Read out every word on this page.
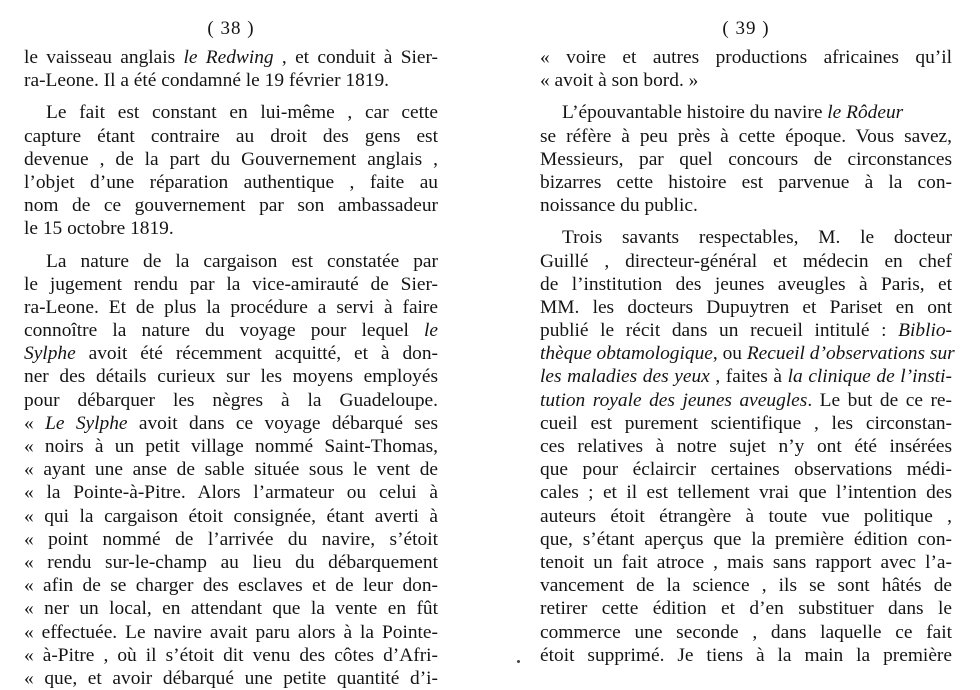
( 38 )
le vaisseau anglais le Redwing , et conduit à Sier-
ra-Leone. Il a été condamné le 19 février 1819.
Le fait est constant en lui-même , car cette
capture étant contraire au droit des gens est
devenue , de la part du Gouvernement anglais ,
l’objet d’une réparation authentique , faite au
nom de ce gouvernement par son ambassadeur
le 15 octobre 1819.
La nature de la cargaison est constatée par
le jugement rendu par la vice-amirauté de Sier-
ra-Leone. Et de plus la procédure a servi à faire
connoître la nature du voyage pour lequel le
Sylphe avoit été récemment acquitté, et à don-
ner des détails curieux sur les moyens employés
pour débarquer les nègres à la Guadeloupe.
« Le Sylphe avoit dans ce voyage débarqué ses
« noirs à un petit village nommé Saint-Thomas,
« ayant une anse de sable située sous le vent de
« la Pointe-à-Pitre. Alors l’armateur ou celui à
« qui la cargaison étoit consignée, étant averti à
« point nommé de l’arrivée du navire, s’étoit
« rendu sur-le-champ au lieu du débarquement
« afin de se charger des esclaves et de leur don-
« ner un local, en attendant que la vente en fût
« effectuée. Le navire avait paru alors à la Pointe-
« à-Pitre , où il s’étoit dit venu des côtes d’Afri-
« que, et avoir débarqué une petite quantité d’i-
( 39 )
« voire et autres productions africaines qu’il
« avoit à son bord. »
L’épouvantable histoire du navire le Rôdeur
se réfère à peu près à cette époque. Vous savez,
Messieurs, par quel concours de circonstances
bizarres cette histoire est parvenue à la con-
noissance du public.
Trois savants respectables, M. le docteur
Guillé , directeur-général et médecin en chef
de l’institution des jeunes aveugles à Paris, et
MM. les docteurs Dupuytren et Pariset en ont
publié le récit dans un recueil intitulé : Biblio-
thèque obtamologique, ou Recueil d’observations sur
les maladies des yeux , faites à la clinique de l’insti-
tution royale des jeunes aveugles. Le but de ce re-
cueil est purement scientifique , les circonstan-
ces relatives à notre sujet n’y ont été insérées
que pour éclaircir certaines observations médi-
cales ; et il est tellement vrai que l’intention des
auteurs étoit étrangère à toute vue politique ,
que, s’étant aperçus que la première édition con-
tenoit un fait atroce , mais sans rapport avec l’a-
vancement de la science , ils se sont hâtés de
retirer cette édition et d’en substituer dans le
commerce une seconde , dans laquelle ce fait
étoit supprimé. Je tiens à la main la première
